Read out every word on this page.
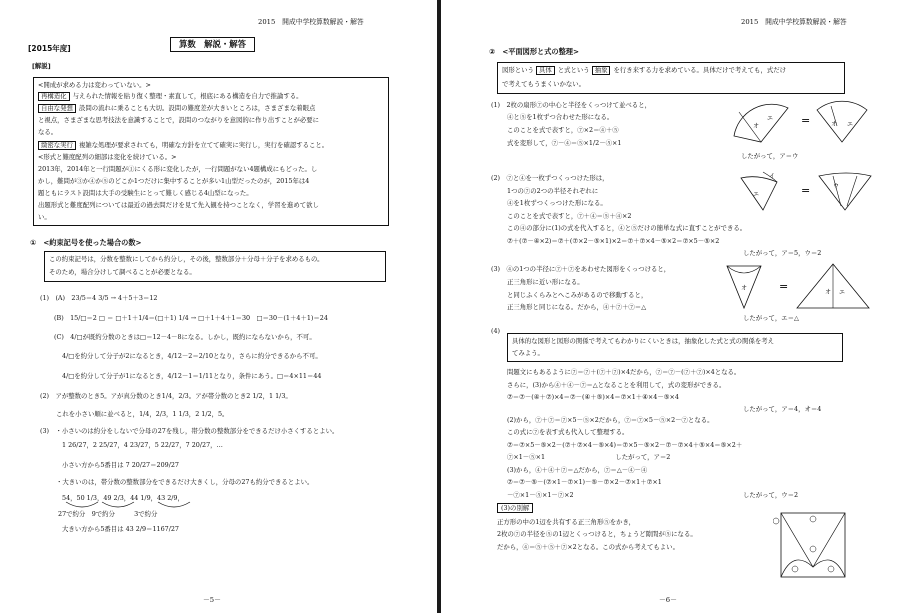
2015　開成中学校算数解説・解答
算数　解説・解答
[2015年度]
[解説]
<開成が求める力は変わっていない。>
再構造化 与えられた情報を貼り復く整理・素直して，根底にある構造を自力で推論する。
自由な発想 設問の流れに乗ることも大切。設問の難度差が大きいところは，さまざまな着眼点
と視点，さまざまな思考技法を意識することで，設問のつながりを意図的に作り出すことが必要に
なる。
緻密な実行 複雑な処理が要求されても，明確な方針を立てて確実に実行し，実行を確認すること。
<形式と難度配列の細部は変化を続けている。>
2013年，2014年と一行問題が①にくる形に変化したが，一行問題がない4題構成にもどった。し
かし，難問が③か④か⑤のどこか1つだけに集中することが多い1山型だったのが，2015年は4
題ともにラスト設問は大手の受験生にとって難しく感じる4山型になった。
出題形式と難度配列については最近の過去問だけを見て先入観を持つことなく，学習を進めて欲し
い。
①　<約束記号を使った場合の数>
この約束記号は，分数を整数にしてから約分し，その後，整数部分＋分母＋分子を求めるもの。
そのため，場合分けして調べることが必要となる。
(1)　(A)　23/5＝4 3/5 → 4＋5＋3＝12
(B)　15/□＝2 □ ＝ □＋1＋1/4＝(□＋1) 1/4 → □＋1＋4＋1＝30　□＝30－(1＋4＋1)＝24
(C)　4/□が既約分数のときは□＝12－4－8になる。しかし，既約にならないから，不可。
4/□を約分して分子が2になるとき，4/12－2＝2/10となり，さらに約分できるから不可。
4/□を約分して分子が1になるとき，4/12－1＝1/11となり，条件にあう。□＝4×11＝44
(2)　アが整数のとき5。アが真分数のとき1/4，2/3。アが帯分数のとき2 1/2，1 1/3。
これを小さい順に並べると，1/4，2/3，1 1/3，2 1/2，5。
(3)　・小さいのは約分をしないで分母の27を残し，帯分数の整数部分をできるだけ小さくするとよい。
1 26/27，2 25/27，4 23/27，5 22/27，7 20/27，…
小さい方から5番目は 7 20/27＝209/27
・大きいのは，帯分数の整数部分をできるだけ大きくし，分母の27も約分できるとよい。
54，50 1/3，49 2/3，44 1/9，43 2/9，
27で約分　9で約分　　　3で約分
大きい方から5番目は 43 2/9＝1167/27
－5－
2015　開成中学校算数解説・解答
②　<平面図形と式の整理>
図形という 具体 と式という 抽象 を行き来する力を求めている。具体だけで考えても，式だけ
で考えてもうまくいかない。
(1)　2枚の扇形⑦の中心と半径をくっつけて並べると，
④と⑤を1枚ずつ合わせた形になる。
このことを式で表すと，⑦×2＝④＋⑤
式を変形して，⑦－④＝⑤×1/2－⑤×1
したがって，ア＝ウ
オ
エ	=	オ エ
(2)　⑦と④を一枚ずつくっつけた形は，
1つの⑦の2つの半径それぞれに
④を1枚ずつくっつけた形になる。
このことを式で表すと，⑦＋④＝⑤＋④×2
この④の部分に(1)の式を代入すると，④と⑤だけの簡単な式に直すことができる。
⑦＋(⑦－④×2)＝⑦＋(⑦×2－⑤×1)×2＝⑦＋⑦×4－⑤×2＝⑦×5－⑤×2
したがって，ア＝5，ウ＝2
エ
イ
=	ウ
(3)　④の1つの半径に⑦＋⑦をあわせた図形をくっつけると，
正三角形に近い形になる。
と同じふくらみとへこみがあるので移動すると，
正三角形と同じになる。だから，④＋⑦＋⑦＝△
したがって，エ＝△
オ	=	オ エ
(4)
具体的な図形と図形の関係で考えてもわかりにくいときは，抽象化した式と式の関係を考え
てみよう。
問題文にもあるように⑦＝⑦＋(⑦＋⑦)×4だから，⑦＝⑦－(⑦＋⑦)×4となる。
さらに，(3)から④＋④－⑦＝△となることを利用して，式の変形ができる。
⑦＝⑦－(④＋⑦)×4＝⑦－(④＋⑤)×4＝⑦×1＋④×4－⑤×4
したがって，ア＝4，オ＝4
(2)から，⑦＋⑦＝⑦×5－⑤×2だから，⑦＝⑦×5－⑤×2－⑦となる。
この式に⑦を表す式も代入して整理する。
⑦＝⑦×5－⑤×2－(⑦＋⑦×4－⑤×4)＝⑦×5－⑤×2－⑦－⑦×4＋⑤×4＝⑤×2＋
⑦×1－⑤×1　　　　　　　　　　　したがって，ア＝2
(3)から，④＋④＋⑦＝△だから，⑦＝△－④－④
⑦＝⑦－⑤－(⑦×1－⑦×1)－⑤－⑦×2－⑦×1＋⑦×1
－⑦×1－⑤×1－⑦×2	したがって，ウ＝2
(3)の別解
正方形の中の1辺を共有する正三角形⑤をかき，
2枚の⑦の半径を⑤の1辺とくっつけると，ちょうど隙間が⑤になる。
だから，④＝⑤＋⑤＋⑦×2となる。この式から考えてもよい。
－6－
